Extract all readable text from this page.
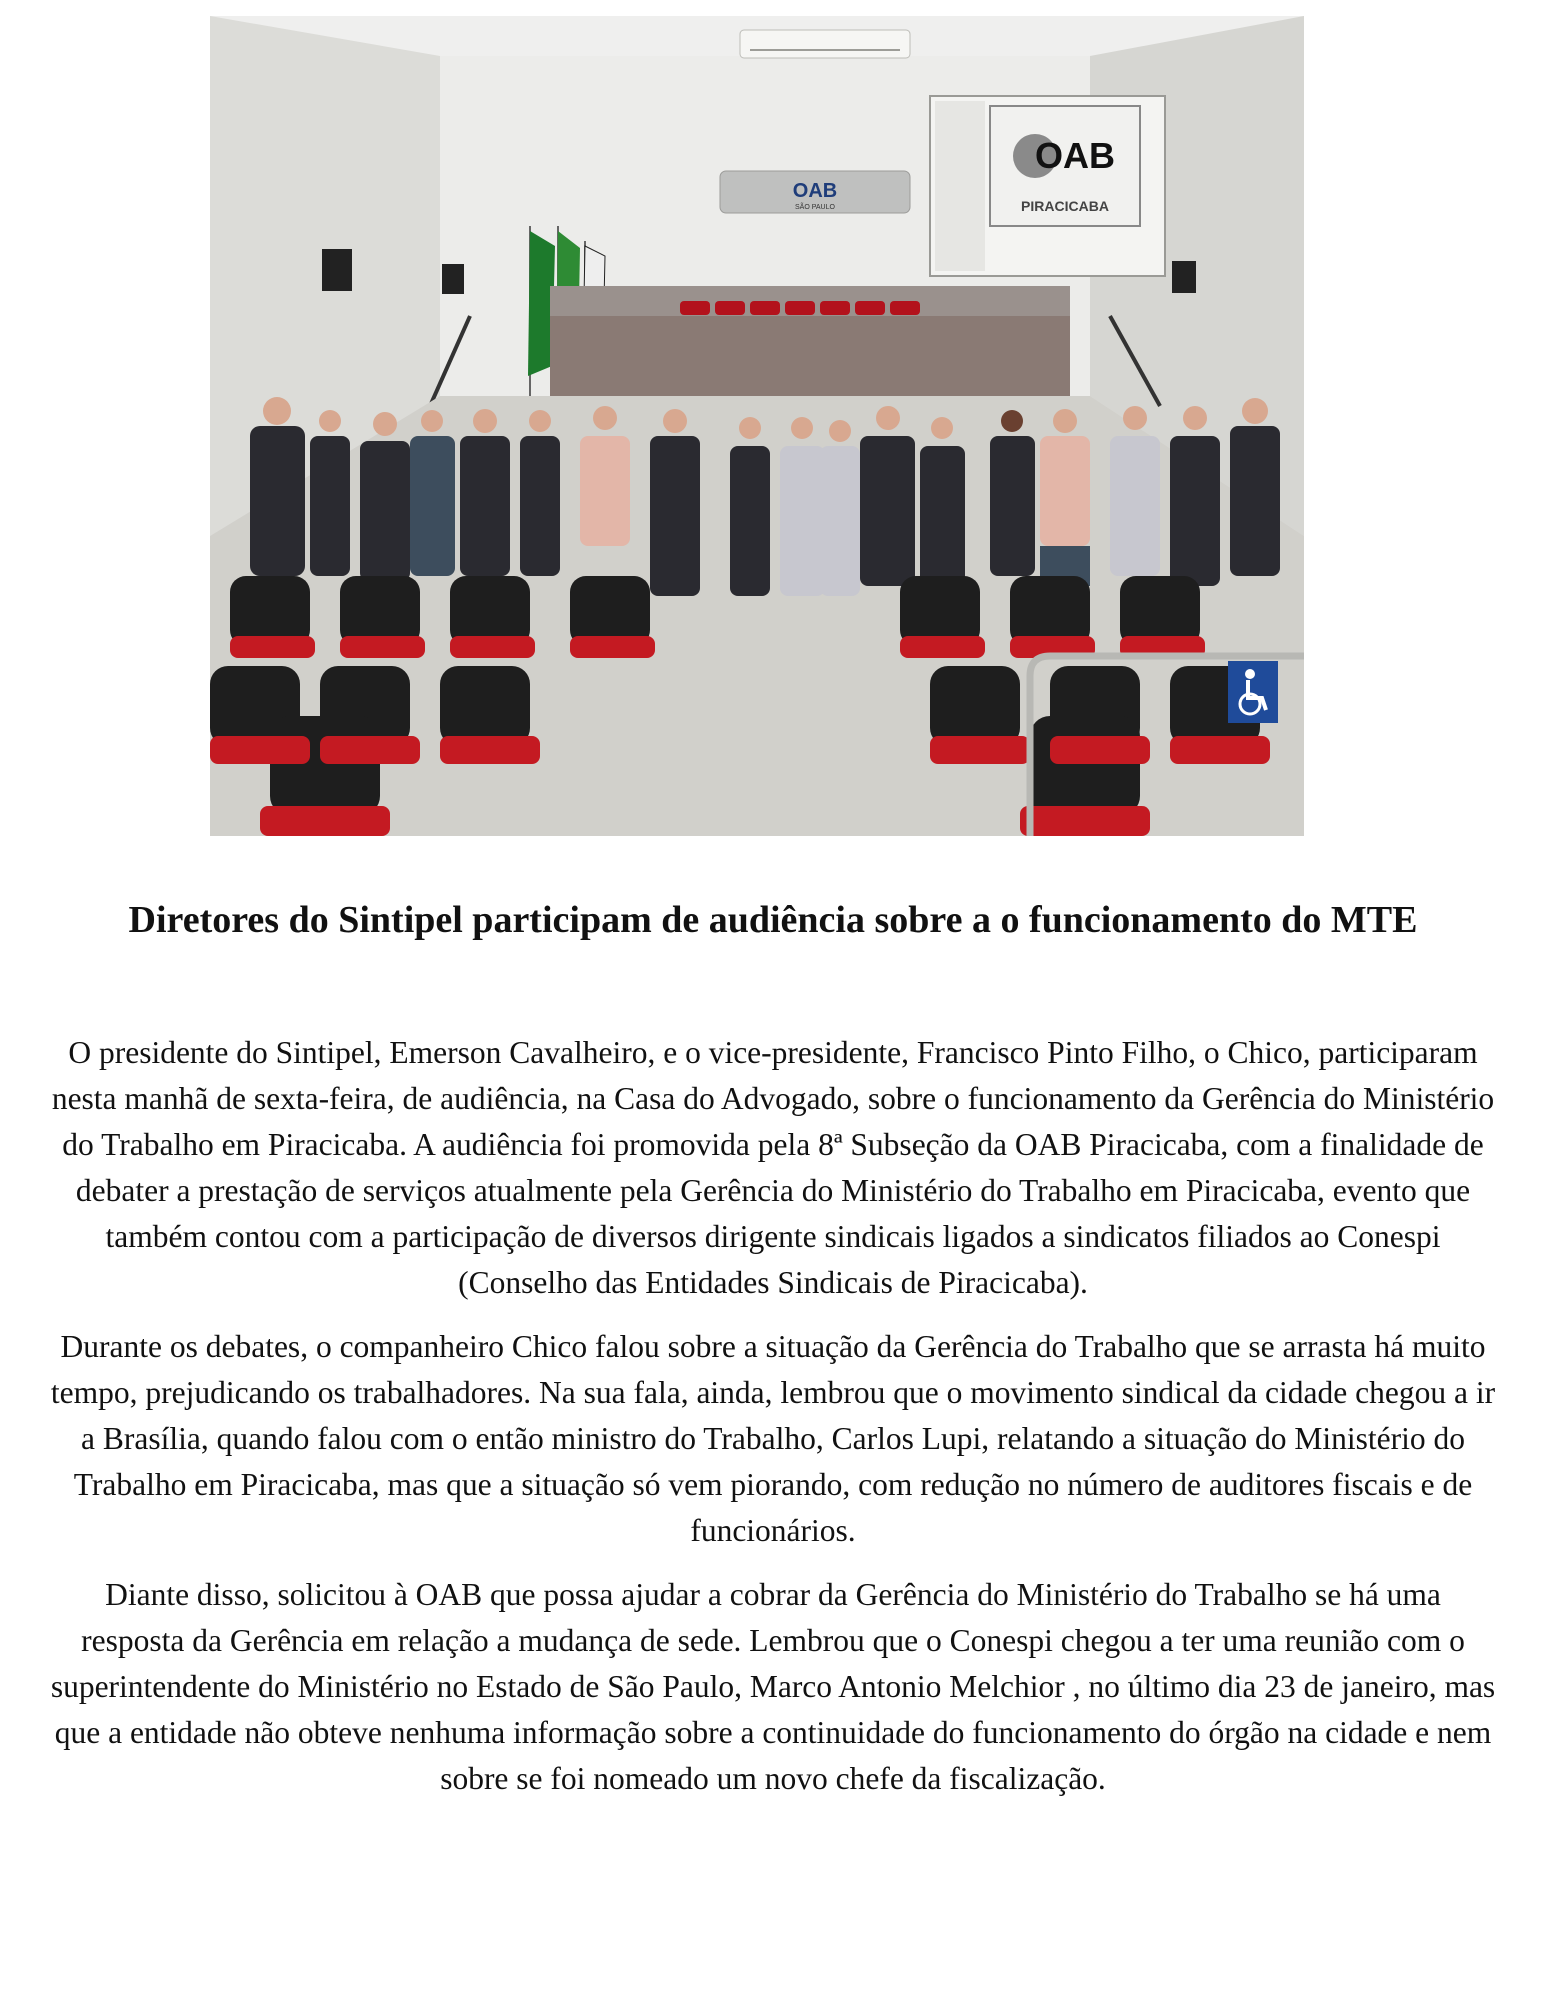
OAB
SÃO PAULO
OAB
PIRACICABA
Diretores do Sintipel participam de audiência sobre a o funcionamento do MTE

O presidente do Sintipel, Emerson Cavalheiro, e o vice-presidente, Francisco Pinto Filho, o Chico, participaram nesta manhã de sexta-feira, de audiência, na Casa do Advogado, sobre o funcionamento da Gerência do Ministério do Trabalho em Piracicaba. A audiência foi promovida pela 8ª Subseção da OAB Piracicaba, com a finalidade de debater a prestação de serviços atualmente pela Gerência do Ministério do Trabalho em Piracicaba, evento que também contou com a participação de diversos dirigente sindicais ligados a sindicatos filiados ao Conespi (Conselho das Entidades Sindicais de Piracicaba).

Durante os debates, o companheiro Chico falou sobre a situação da Gerência do Trabalho que se arrasta há muito tempo, prejudicando os trabalhadores. Na sua fala, ainda, lembrou que o movimento sindical da cidade chegou a ir a Brasília, quando falou com o então ministro do Trabalho, Carlos Lupi, relatando a situação do Ministério do Trabalho em Piracicaba, mas que a situação só vem piorando, com redução no número de auditores fiscais e de funcionários.

Diante disso, solicitou à OAB que possa ajudar a cobrar da Gerência do Ministério do Trabalho se há uma resposta da Gerência em relação a mudança de sede. Lembrou que o Conespi chegou a ter uma reunião com o superintendente do Ministério no Estado de São Paulo, Marco Antonio Melchior , no último dia 23 de janeiro, mas que a entidade não obteve nenhuma informação sobre a continuidade do funcionamento do órgão na cidade e nem sobre se foi nomeado um novo chefe da fiscalização.
